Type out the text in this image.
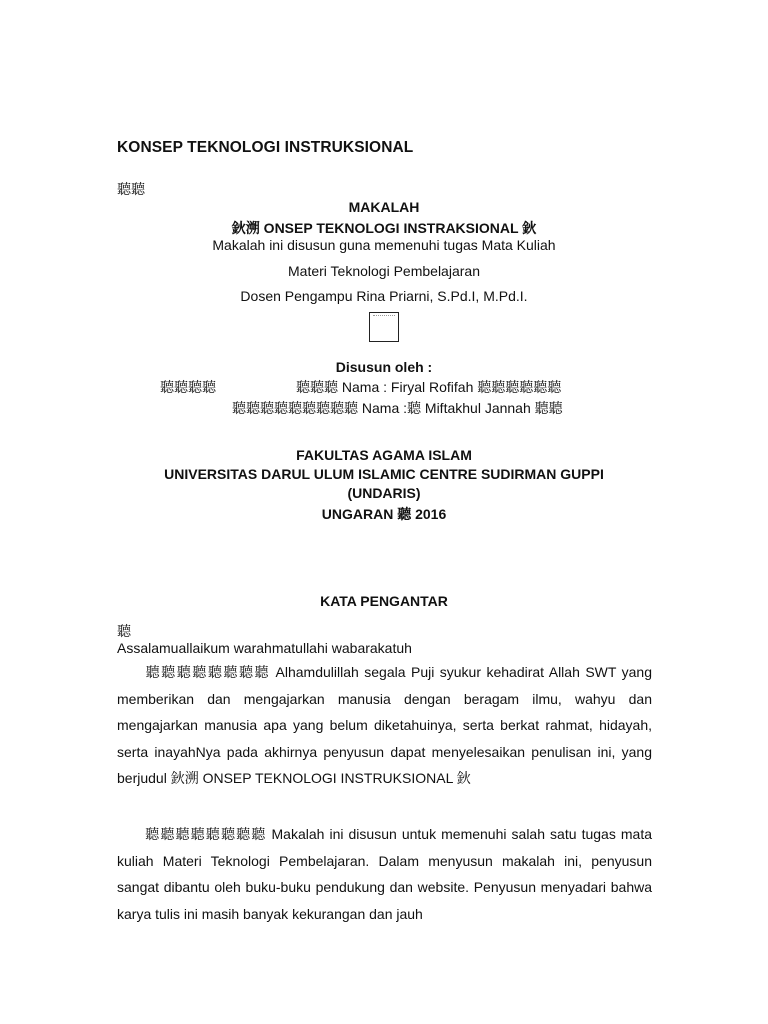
KONSEP TEKNOLOGI INSTRUKSIONAL
聽聽
MAKALAH
鈥溯 ONSEP TEKNOLOGI INSTRAKSIONAL 鈥
Makalah ini disusun guna memenuhi tugas Mata Kuliah
Materi Teknologi Pembelajaran
Dosen Pengampu Rina Priarni, S.Pd.I, M.Pd.I.
Disusun oleh :
聽聽聽聽	聽聽聽 Nama : Firyal Rofifah 聽聽聽聽聽聽
聽聽聽聽聽聽聽聽聽 Nama :聽 Miftakhul Jannah 聽聽
FAKULTAS AGAMA ISLAM
UNIVERSITAS DARUL ULUM ISLAMIC CENTRE SUDIRMAN GUPPI
(UNDARIS)
UNGARAN 聽 2016
KATA PENGANTAR
聽
Assalamuallaikum warahmatullahi wabarakatuh
聽聽聽聽聽聽聽聽 Alhamdulillah segala Puji syukur kehadirat Allah SWT yang memberikan dan mengajarkan manusia dengan beragam ilmu, wahyu dan mengajarkan manusia apa yang belum diketahuinya, serta berkat rahmat, hidayah, serta inayahNya pada akhirnya penyusun dapat menyelesaikan penulisan ini, yang berjudul 鈥溯 ONSEP TEKNOLOGI INSTRUKSIONAL 鈥
聽聽聽聽聽聽聽聽 Makalah ini disusun untuk memenuhi salah satu tugas mata kuliah Materi Teknologi Pembelajaran. Dalam menyusun makalah ini, penyusun sangat dibantu oleh buku-buku pendukung dan website. Penyusun menyadari bahwa karya tulis ini masih banyak kekurangan dan jauh
